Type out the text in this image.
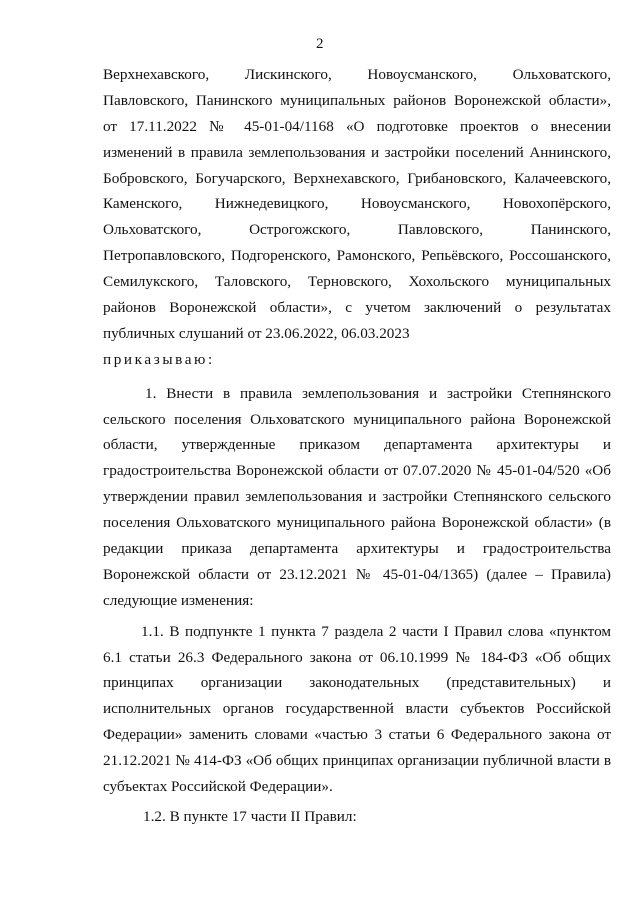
2
Верхнехавского, Лискинского, Новоусманского, Ольховатского,
Павловского, Панинского муниципальных районов Воронежской области»,
от 17.11.2022 № 45-01-04/1168 «О подготовке проектов о внесении
изменений в правила землепользования и застройки поселений Аннинского,
Бобровского, Богучарского, Верхнехавского, Грибановского, Калачеевского,
Каменского, Нижнедевицкого, Новоусманского, Новохопёрского,
Ольховатского, Острогожского, Павловского, Панинского,
Петропавловского, Подгоренского, Рамонского, Репьёвского, Россошанского,
Семилукского, Таловского, Терновского, Хохольского муниципальных
районов Воронежской области», с учетом заключений о результатах
публичных слушаний от 23.06.2022, 06.03.2023
приказываю:
1. Внести в правила землепользования и застройки Степнянского
сельского поселения Ольховатского муниципального района Воронежской
области, утвержденные приказом департамента архитектуры и
градостроительства Воронежской области от 07.07.2020 № 45-01-04/520 «Об
утверждении правил землепользования и застройки Степнянского сельского
поселения Ольховатского муниципального района Воронежской области» (в
редакции приказа департамента архитектуры и градостроительства
Воронежской области от 23.12.2021 № 45-01-04/1365) (далее – Правила)
следующие изменения:
1.1. В подпункте 1 пункта 7 раздела 2 части I Правил слова «пунктом
6.1 статьи 26.3 Федерального закона от 06.10.1999 № 184-ФЗ «Об общих
принципах организации законодательных (представительных) и
исполнительных органов государственной власти субъектов Российской
Федерации» заменить словами «частью 3 статьи 6 Федерального закона от
21.12.2021 № 414-ФЗ «Об общих принципах организации публичной власти в
субъектах Российской Федерации».
1.2. В пункте 17 части II Правил:
